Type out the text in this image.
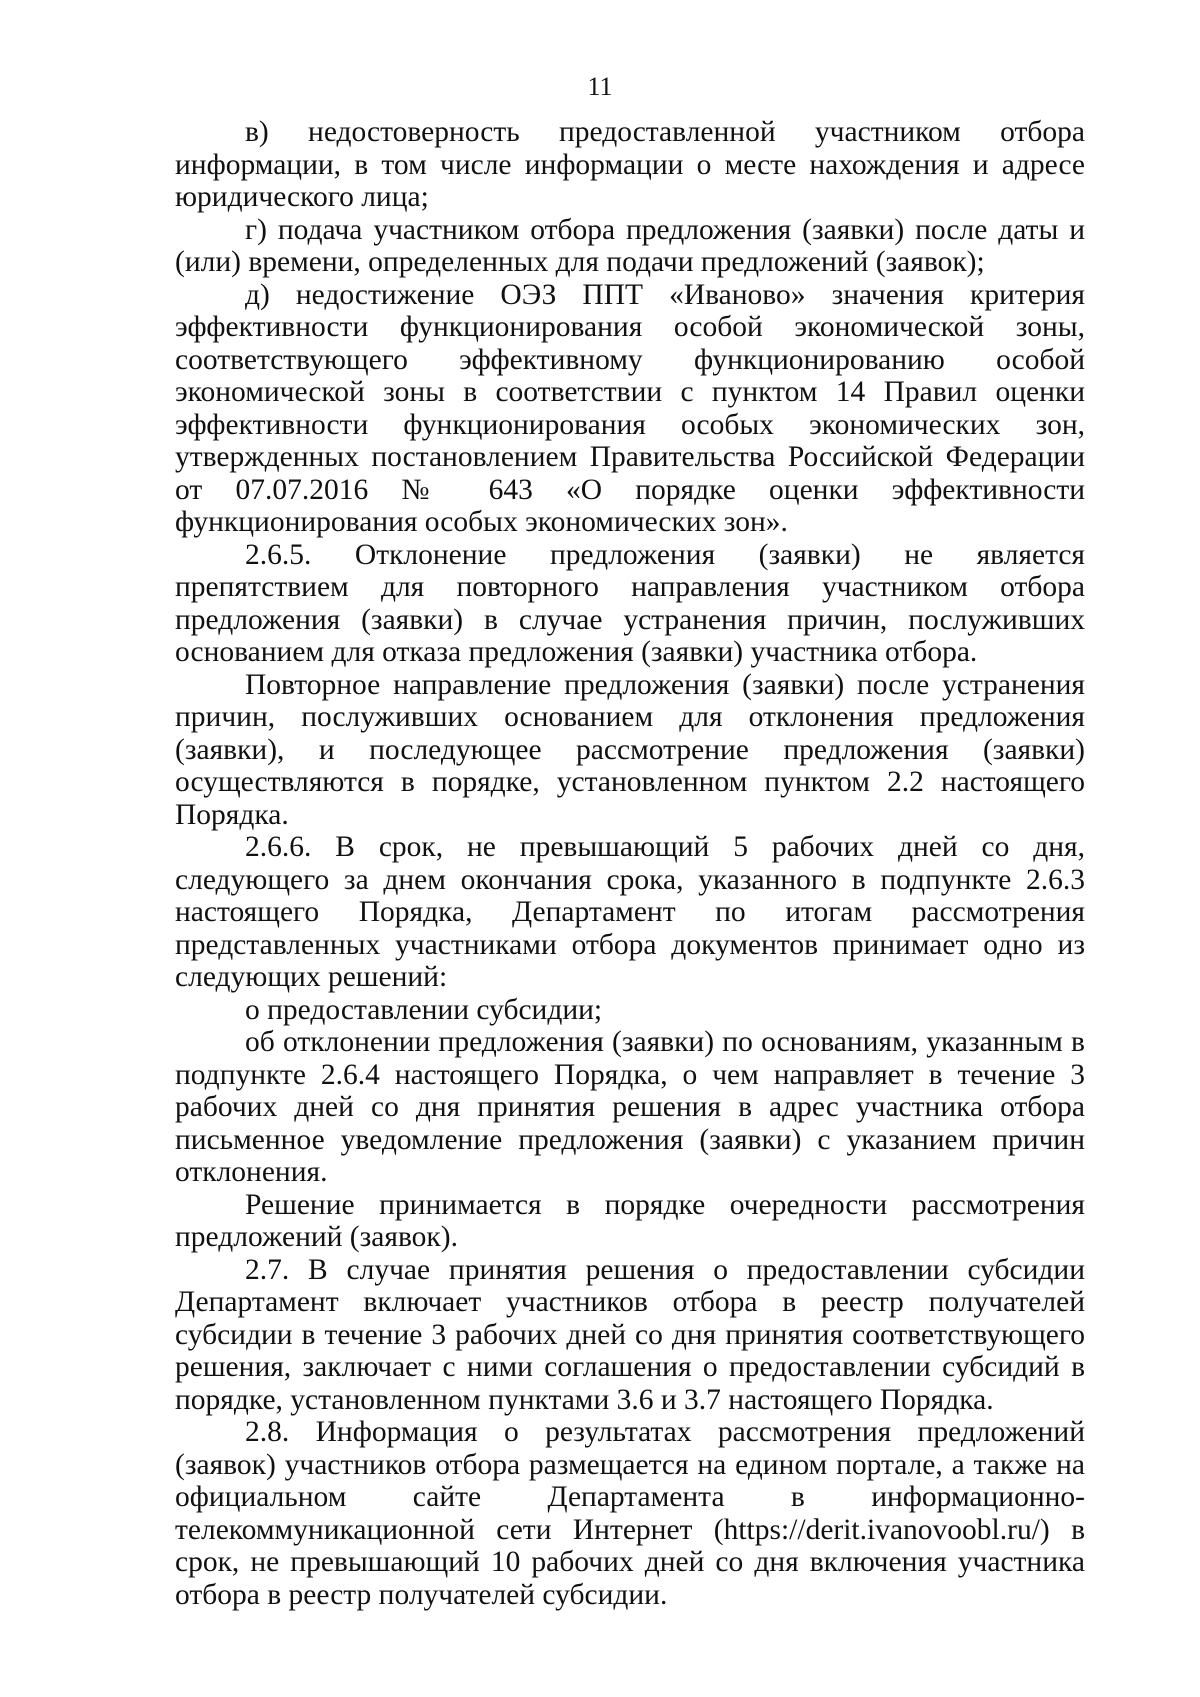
11

в) недостоверность предоставленной участником отбора информации, в том числе информации о месте нахождения и адресе юридического лица;

г) подача участником отбора предложения (заявки) после даты и (или) времени, определенных для подачи предложений (заявок);

д) недостижение ОЭЗ ППТ «Иваново» значения критерия эффективности функционирования особой экономической зоны, соответствующего эффективному функционированию особой экономической зоны в соответствии с пунктом 14 Правил оценки эффективности функционирования особых экономических зон, утвержденных постановлением Правительства Российской Федерации от 07.07.2016 № 643 «О порядке оценки эффективности функционирования особых экономических зон».

2.6.5. Отклонение предложения (заявки) не является препятствием для повторного направления участником отбора предложения (заявки) в случае устранения причин, послуживших основанием для отказа предложения (заявки) участника отбора.

Повторное направление предложения (заявки) после устранения причин, послуживших основанием для отклонения предложения (заявки), и последующее рассмотрение предложения (заявки) осуществляются в порядке, установленном пунктом 2.2 настоящего Порядка.

2.6.6. В срок, не превышающий 5 рабочих дней со дня, следующего за днем окончания срока, указанного в подпункте 2.6.3 настоящего Порядка, Департамент по итогам рассмотрения представленных участниками отбора документов принимает одно из следующих решений:

о предоставлении субсидии;

об отклонении предложения (заявки) по основаниям, указанным в подпункте 2.6.4 настоящего Порядка, о чем направляет в течение 3 рабочих дней со дня принятия решения в адрес участника отбора письменное уведомление предложения (заявки) с указанием причин отклонения.

Решение принимается в порядке очередности рассмотрения предложений (заявок).

2.7. В случае принятия решения о предоставлении субсидии Департамент включает участников отбора в реестр получателей субсидии в течение 3 рабочих дней со дня принятия соответствующего решения, заключает с ними соглашения о предоставлении субсидий в порядке, установленном пунктами 3.6 и 3.7 настоящего Порядка.

2.8. Информация о результатах рассмотрения предложений (заявок) участников отбора размещается на едином портале, а также на официальном сайте Департамента в информационно-телекоммуникационной сети Интернет (https://derit.ivanovoobl.ru/) в срок, не превышающий 10 рабочих дней со дня включения участника отбора в реестр получателей субсидии.
